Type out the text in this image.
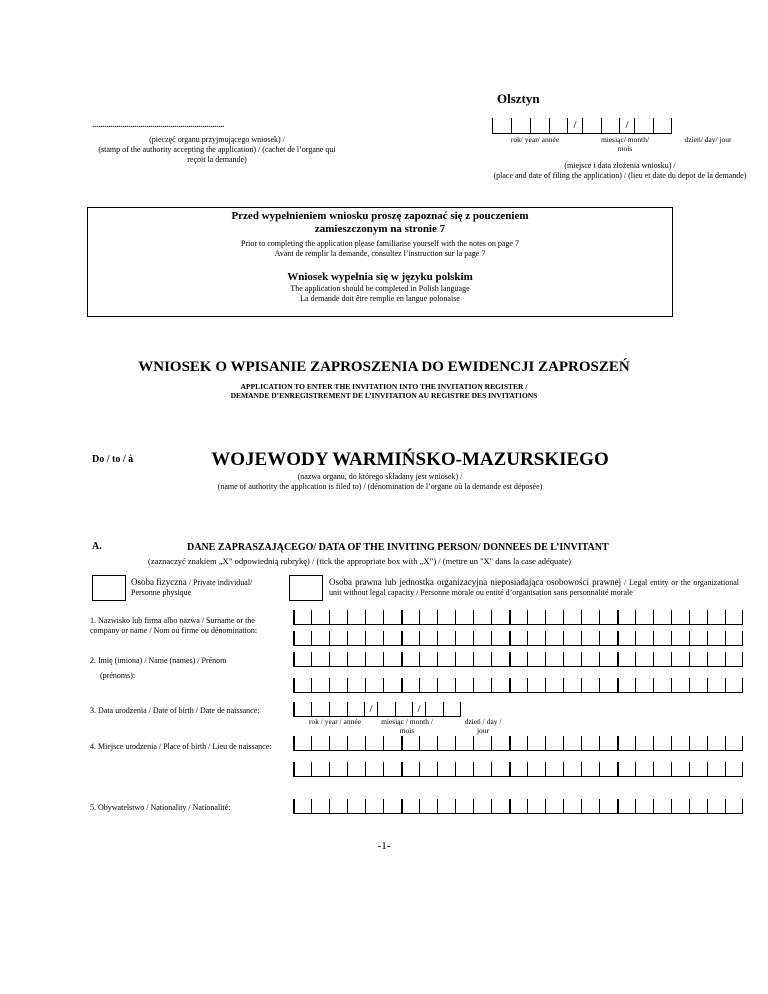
Olsztyn
..................................................................
(pieczęć organu przyjmującego wniosek) /
(stamp of the authority accepting the application) / (cachet de l’organe qui reçoit la demande)
/	/
rok/ year/ année	miesiąc/ month/ mois
dzień/ day/ jour
(miejsce i data złożenia wniosku) /
(place and date of filing the application) / (lieu et date du depot de la demande)
Przed wypełnieniem wniosku proszę zapoznać się z pouczeniem
zamieszczonym na stronie 7
Prior to completing the application please familiarise yourself with the notes on page 7
Avant de remplir la demande, consultez l’instruction sur la page 7
Wniosek wypełnia się w języku polskim
The application should be completed in Polish language
La demande doit être remplie en langue polonaise
WNIOSEK O WPISANIE ZAPROSZENIA DO EWIDENCJI ZAPROSZEŃ
APPLICATION TO ENTER THE INVITATION INTO THE INVITATION REGISTER /
DEMANDE D’ENREGISTREMENT DE L’INVITATION AU REGISTRE DES INVITATIONS
Do / to / à	WOJEWODY WARMIŃSKO-MAZURSKIEGO
(nazwa organu, do którego składany jest wniosek) /
(name of authority the application is filed to) / (dénomination de l’organe où la demande est déposée)
A.	DANE ZAPRASZAJĄCEGO/ DATA OF THE INVITING PERSON/ DONNEES DE L’INVITANT
(zaznaczyć znakiem „X” odpowiednią rubrykę) / (tick the appropriate box with „X”) / (mettre un "X" dans la case adéquate)
Osoba fizyczna / Private individual/ Personne physique
Osoba prawna lub jednostka organizacyjna nieposiadająca osobowości prawnej / Legal entity or the organizational unit without legal capacity / Personne morale ou entité d’organisation sans personnalité morale
1. Nazwisko lub firma albo nazwa / Surname or the company or name / Nom ou firme ou dénomination:
2. Imię (imiona) / Name (names) / Prénom
(prénoms):
3. Data urodzenia / Date of birth / Date de naissance:	/	/
rok / year / année	miesiąc / month / mois
dzień / day / jour
4. Miejsce urodzenia / Place of birth / Lieu de naissance:
5. Obywatelstwo / Nationality / Nationalité:
-1-
